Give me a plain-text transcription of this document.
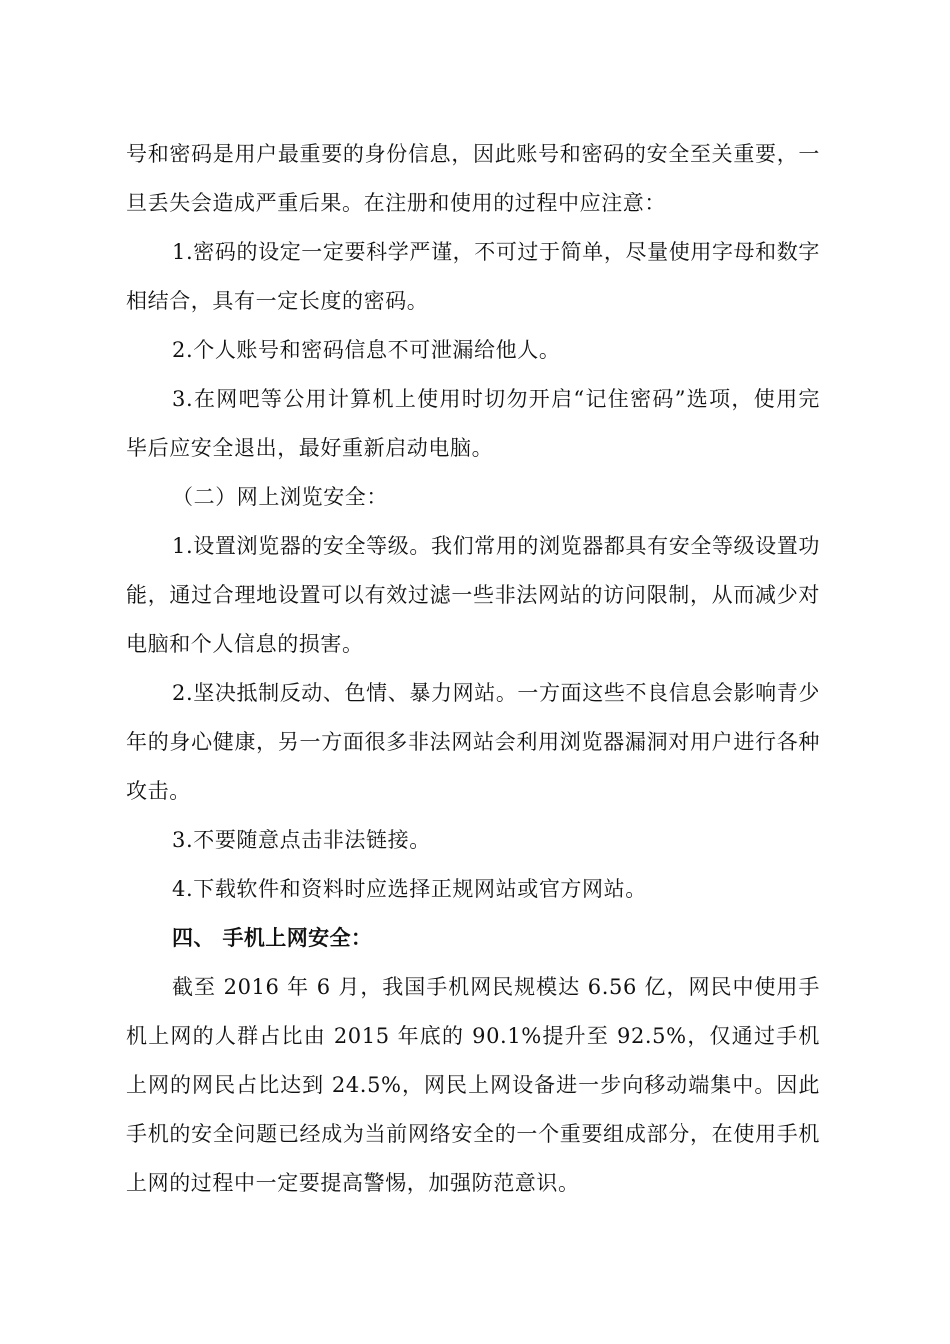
号和密码是用户最重要的身份信息，因此账号和密码的安全至关重要，一旦丢失会造成严重后果。在注册和使用的过程中应注意：

1.密码的设定一定要科学严谨，不可过于简单，尽量使用字母和数字相结合，具有一定长度的密码。

2.个人账号和密码信息不可泄漏给他人。

3.在网吧等公用计算机上使用时切勿开启“记住密码”选项，使用完毕后应安全退出，最好重新启动电脑。

（二）网上浏览安全：

1.设置浏览器的安全等级。我们常用的浏览器都具有安全等级设置功能，通过合理地设置可以有效过滤一些非法网站的访问限制，从而减少对电脑和个人信息的损害。

2.坚决抵制反动、色情、暴力网站。一方面这些不良信息会影响青少年的身心健康，另一方面很多非法网站会利用浏览器漏洞对用户进行各种攻击。

3.不要随意点击非法链接。

4.下载软件和资料时应选择正规网站或官方网站。

四、 手机上网安全：

截至 2016 年 6 月，我国手机网民规模达 6.56 亿，网民中使用手机上网的人群占比由 2015 年底的 90.1%提升至 92.5%，仅通过手机上网的网民占比达到 24.5%，网民上网设备进一步向移动端集中。因此手机的安全问题已经成为当前网络安全的一个重要组成部分，在使用手机上网的过程中一定要提高警惕，加强防范意识。
